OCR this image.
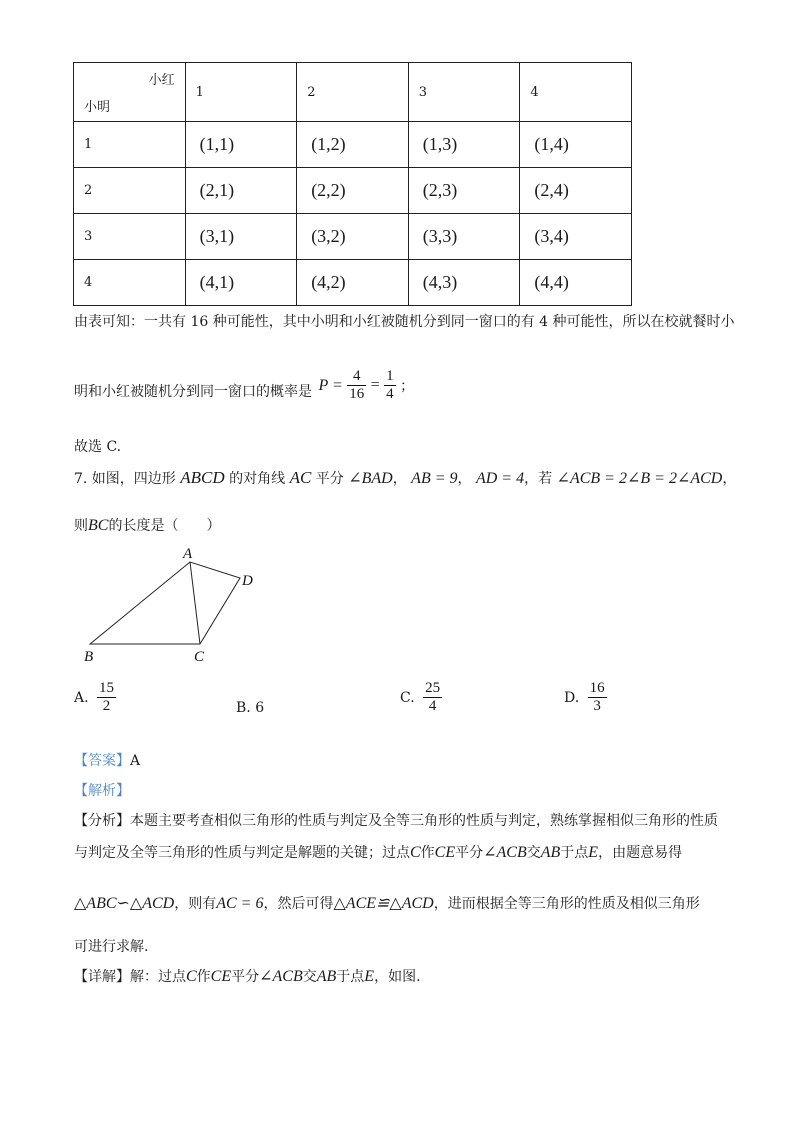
小红
小明	1	2	3	4
1	(1,1)	(1,2)	(1,3)	(1,4)
2	(2,1)	(2,2)	(2,3)	(2,4)
3	(3,1)	(3,2)	(3,3)	(3,4)
4	(4,1)	(4,2)	(4,3)	(4,4)
由表可知：一共有 16 种可能性，其中小明和小红被随机分到同一窗口的有 4 种可能性，所以在校就餐时小
明和小红被随机分到同一窗口的概率是 $P = \frac{4}{16} = \frac{1}{4}$ ；
故选 C.
7. 如图，四边形 ABCD 的对角线 AC 平分 ∠BAD， AB = 9， AD = 4，若 ∠ACB = 2∠B = 2∠ACD，
则BC的长度是（　　）
A
D
B	C
A. $\frac{15}{2}$	B. 6
C. $\frac{25}{4}$	D. $\frac{16}{3}$
【答案】A
【解析】
【分析】本题主要考查相似三角形的性质与判定及全等三角形的性质与判定，熟练掌握相似三角形的性质
与判定及全等三角形的性质与判定是解题的关键；过点C作CE平分∠ACB交AB于点E，由题意易得
△ABC∽△ACD，则有AC = 6，然后可得△ACE≌△ACD，进而根据全等三角形的性质及相似三角形
可进行求解.
【详解】解：过点C作CE平分∠ACB交AB于点E，如图.
